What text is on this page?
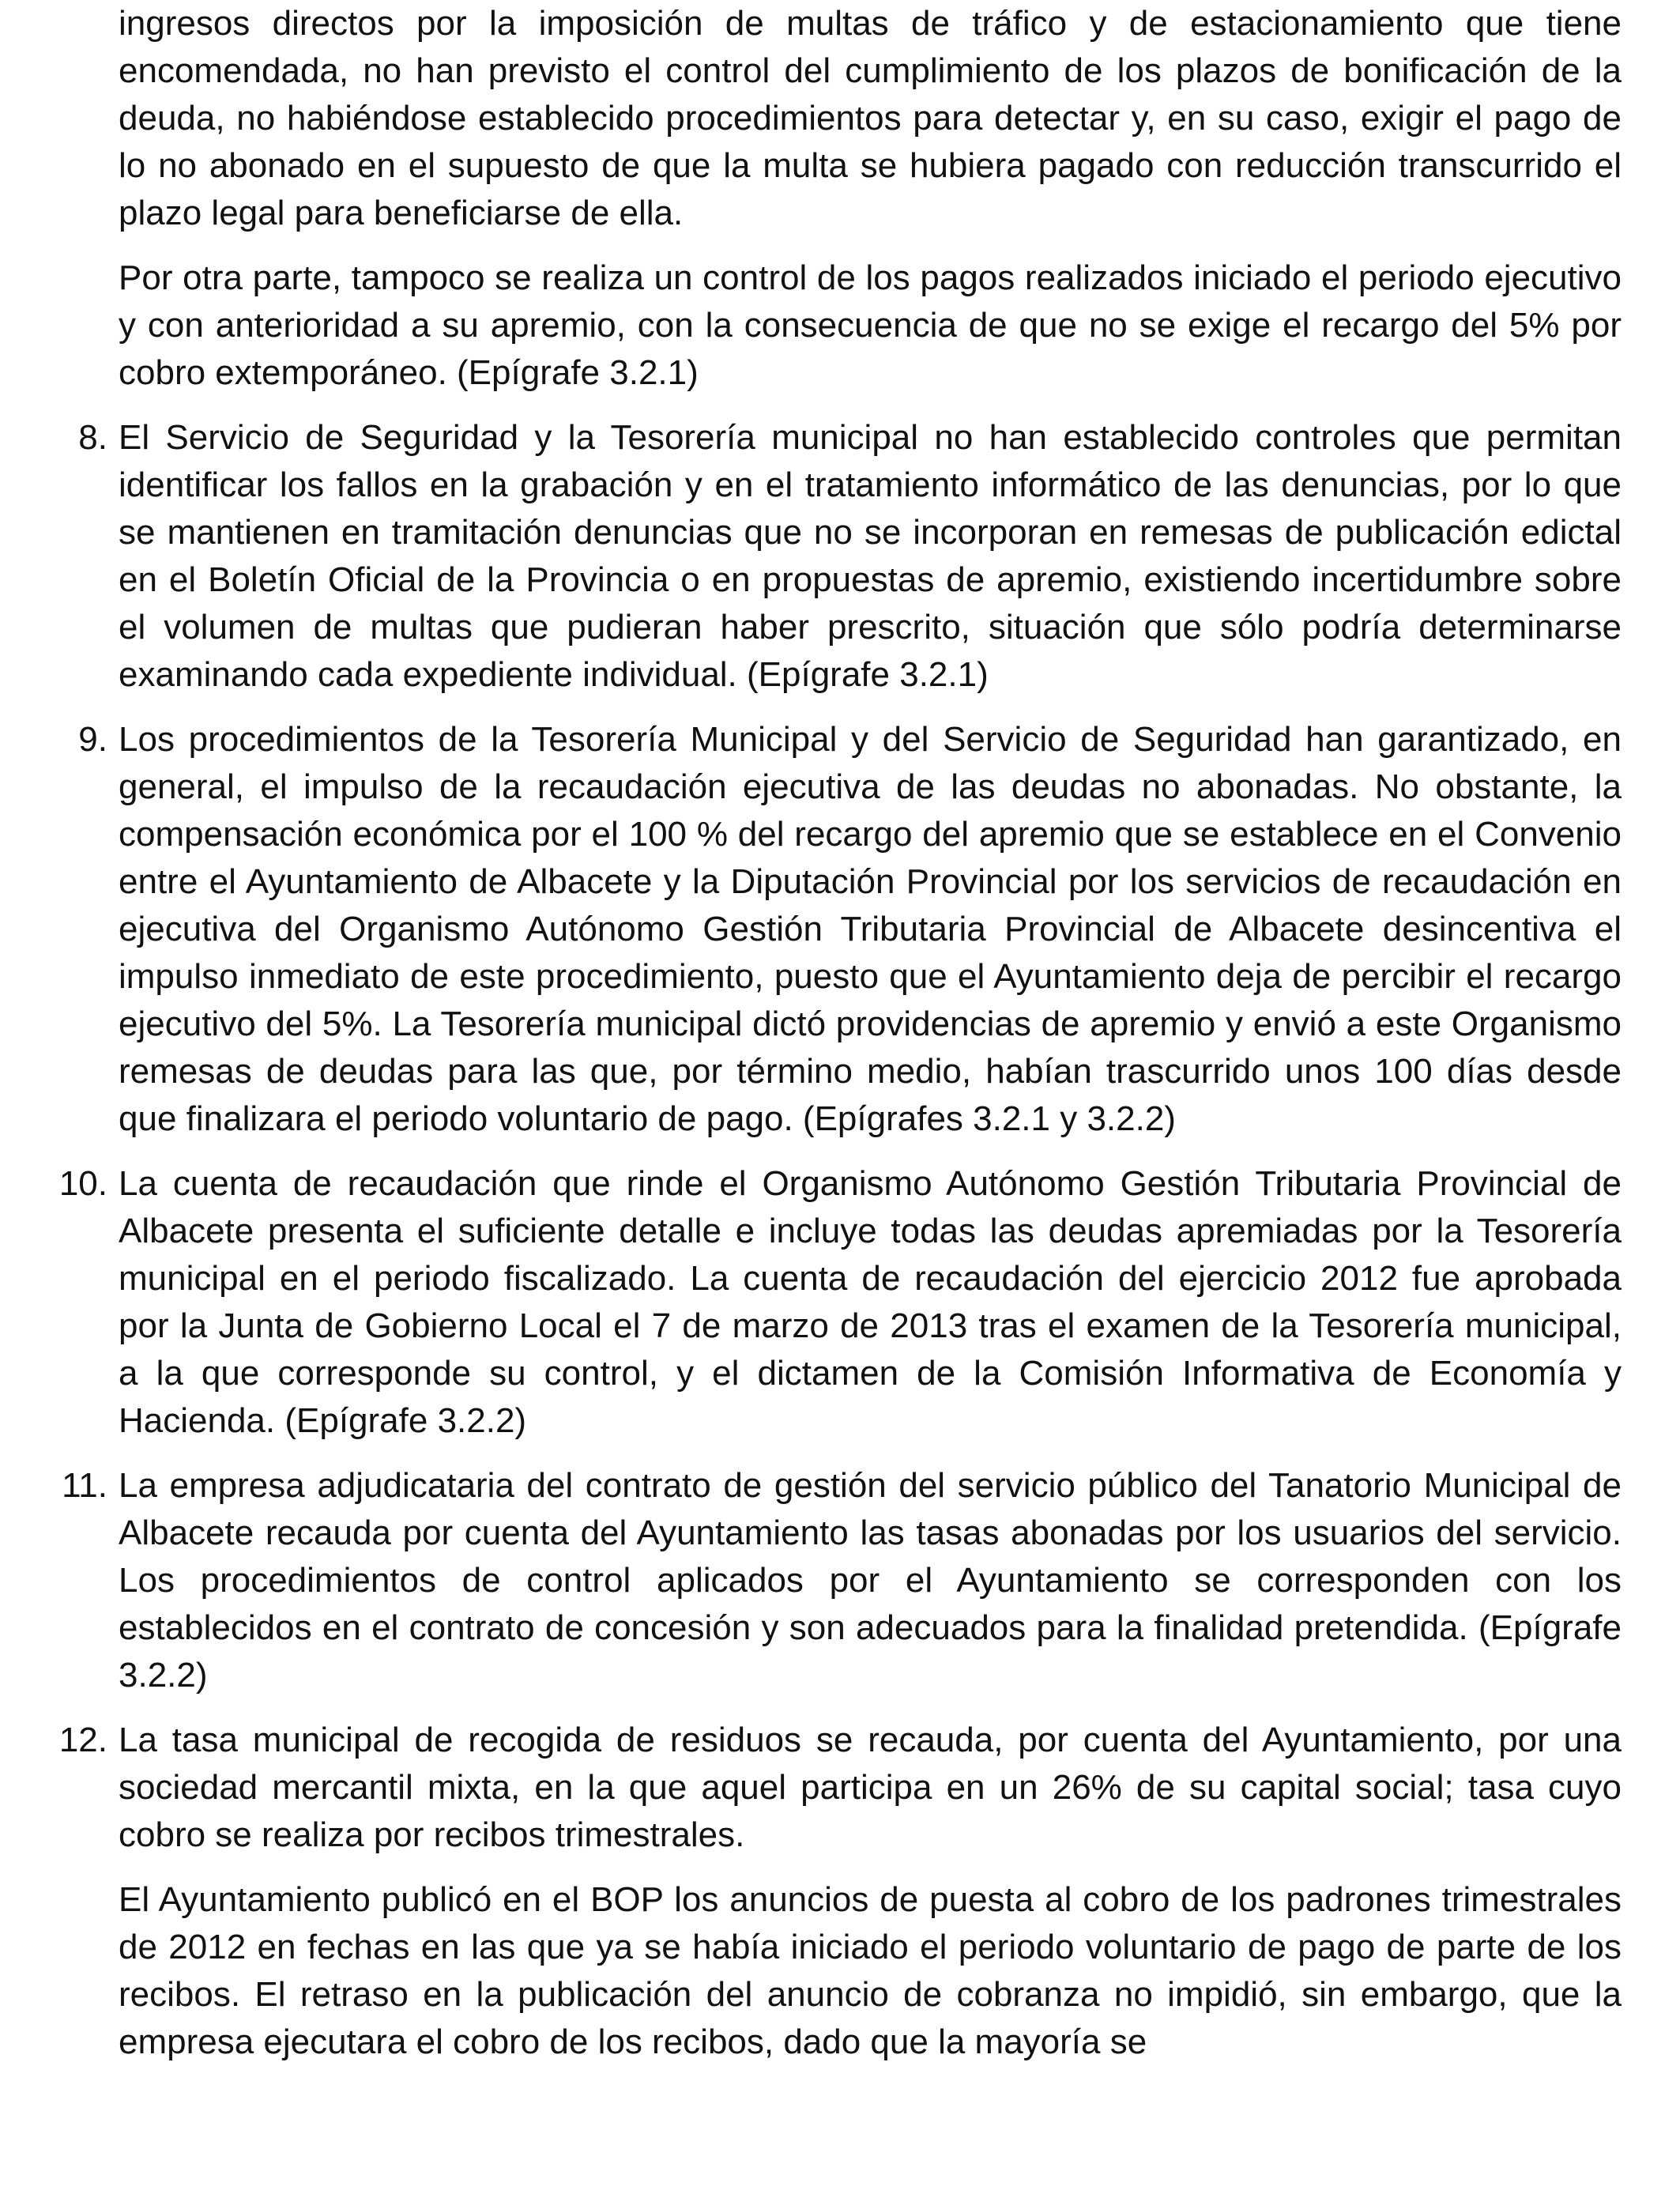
ingresos directos por la imposición de multas de tráfico y de estacionamiento que tiene encomendada, no han previsto el control del cumplimiento de los plazos de bonificación de la deuda, no habiéndose establecido procedimientos para detectar y, en su caso, exigir el pago de lo no abonado en el supuesto de que la multa se hubiera pagado con reducción transcurrido el plazo legal para beneficiarse de ella.

Por otra parte, tampoco se realiza un control de los pagos realizados iniciado el periodo ejecutivo y con anterioridad a su apremio, con la consecuencia de que no se exige el recargo del 5% por cobro extemporáneo. (Epígrafe 3.2.1)

8. El Servicio de Seguridad y la Tesorería municipal no han establecido controles que permitan identificar los fallos en la grabación y en el tratamiento informático de las denuncias, por lo que se mantienen en tramitación denuncias que no se incorporan en remesas de publicación edictal en el Boletín Oficial de la Provincia o en propuestas de apremio, existiendo incertidumbre sobre el volumen de multas que pudieran haber prescrito, situación que sólo podría determinarse examinando cada expediente individual. (Epígrafe 3.2.1)

9. Los procedimientos de la Tesorería Municipal y del Servicio de Seguridad han garantizado, en general, el impulso de la recaudación ejecutiva de las deudas no abonadas. No obstante, la compensación económica por el 100 % del recargo del apremio que se establece en el Convenio entre el Ayuntamiento de Albacete y la Diputación Provincial por los servicios de recaudación en ejecutiva del Organismo Autónomo Gestión Tributaria Provincial de Albacete desincentiva el impulso inmediato de este procedimiento, puesto que el Ayuntamiento deja de percibir el recargo ejecutivo del 5%. La Tesorería municipal dictó providencias de apremio y envió a este Organismo remesas de deudas para las que, por término medio, habían trascurrido unos 100 días desde que finalizara el periodo voluntario de pago. (Epígrafes 3.2.1 y 3.2.2)

10. La cuenta de recaudación que rinde el Organismo Autónomo Gestión Tributaria Provincial de Albacete presenta el suficiente detalle e incluye todas las deudas apremiadas por la Tesorería municipal en el periodo fiscalizado. La cuenta de recaudación del ejercicio 2012 fue aprobada por la Junta de Gobierno Local el 7 de marzo de 2013 tras el examen de la Tesorería municipal, a la que corresponde su control, y el dictamen de la Comisión Informativa de Economía y Hacienda. (Epígrafe 3.2.2)

11. La empresa adjudicataria del contrato de gestión del servicio público del Tanatorio Municipal de Albacete recauda por cuenta del Ayuntamiento las tasas abonadas por los usuarios del servicio. Los procedimientos de control aplicados por el Ayuntamiento se corresponden con los establecidos en el contrato de concesión y son adecuados para la finalidad pretendida. (Epígrafe 3.2.2)

12. La tasa municipal de recogida de residuos se recauda, por cuenta del Ayuntamiento, por una sociedad mercantil mixta, en la que aquel participa en un 26% de su capital social; tasa cuyo cobro se realiza por recibos trimestrales.

El Ayuntamiento publicó en el BOP los anuncios de puesta al cobro de los padrones trimestrales de 2012 en fechas en las que ya se había iniciado el periodo voluntario de pago de parte de los recibos. El retraso en la publicación del anuncio de cobranza no impidió, sin embargo, que la empresa ejecutara el cobro de los recibos, dado que la mayoría se
